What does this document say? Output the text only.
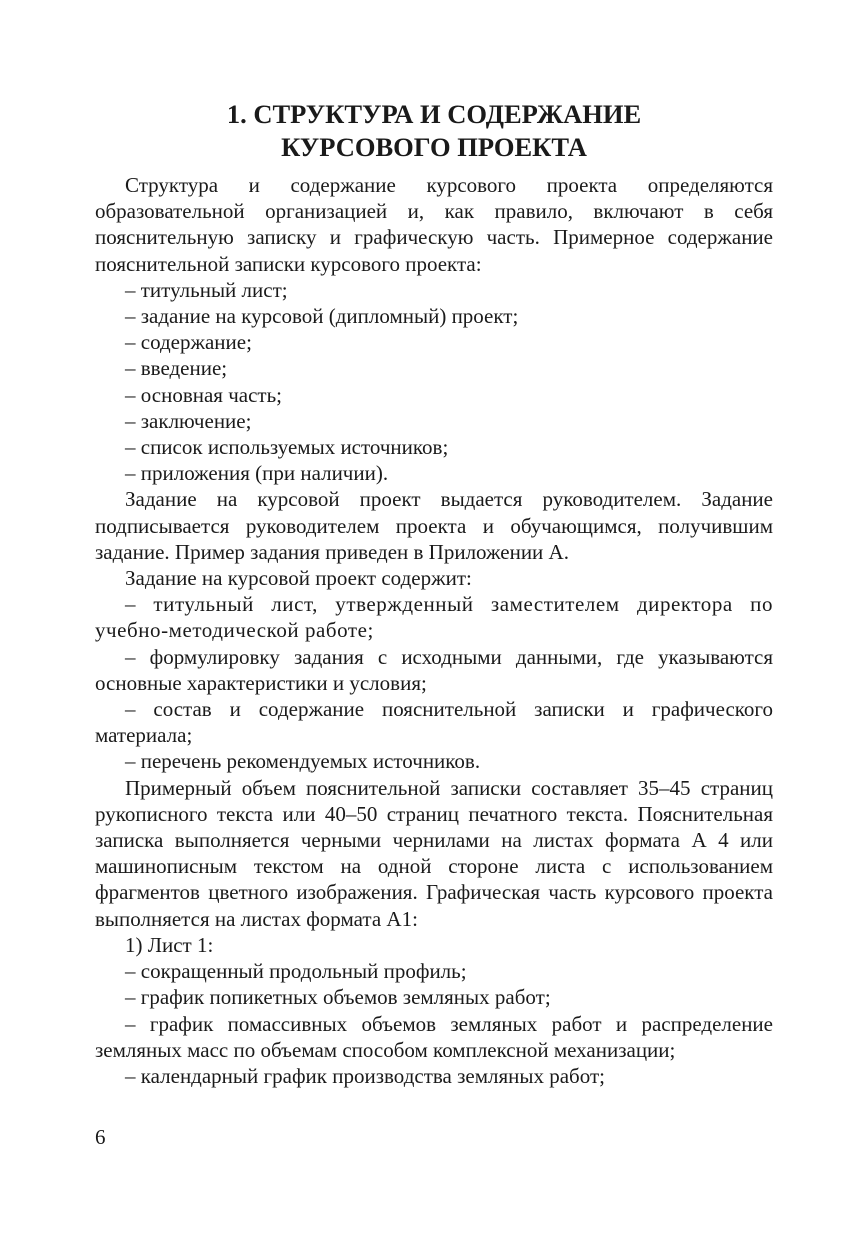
1. СТРУКТУРА И СОДЕРЖАНИЕ
КУРСОВОГО ПРОЕКТА

Структура и содержание курсового проекта определяются образовательной организацией и, как правило, включают в себя пояснительную записку и графическую часть. Примерное содержание пояснительной записки курсового проекта:

– титульный лист;

– задание на курсовой (дипломный) проект;

– содержание;

– введение;

– основная часть;

– заключение;

– список используемых источников;

– приложения (при наличии).

Задание на курсовой проект выдается руководителем. Задание подписывается руководителем проекта и обучающимся, получившим задание. Пример задания приведен в Приложении А.

Задание на курсовой проект содержит:

– титульный лист, утвержденный заместителем директора по учебно-методической работе;

– формулировку задания с исходными данными, где указываются основные характеристики и условия;

– состав и содержание пояснительной записки и графического материала;

– перечень рекомендуемых источников.

Примерный объем пояснительной записки составляет 35–45 страниц рукописного текста или 40–50 страниц печатного текста. Пояснительная записка выполняется черными чернилами на листах формата А 4 или машинописным текстом на одной стороне листа с использованием фрагментов цветного изображения. Графическая часть курсового проекта выполняется на листах формата А1:

1) Лист 1:

– сокращенный продольный профиль;

– график попикетных объемов земляных работ;

– график помассивных объемов земляных работ и распределение земляных масс по объемам способом комплексной механизации;

– календарный график производства земляных работ;

6
